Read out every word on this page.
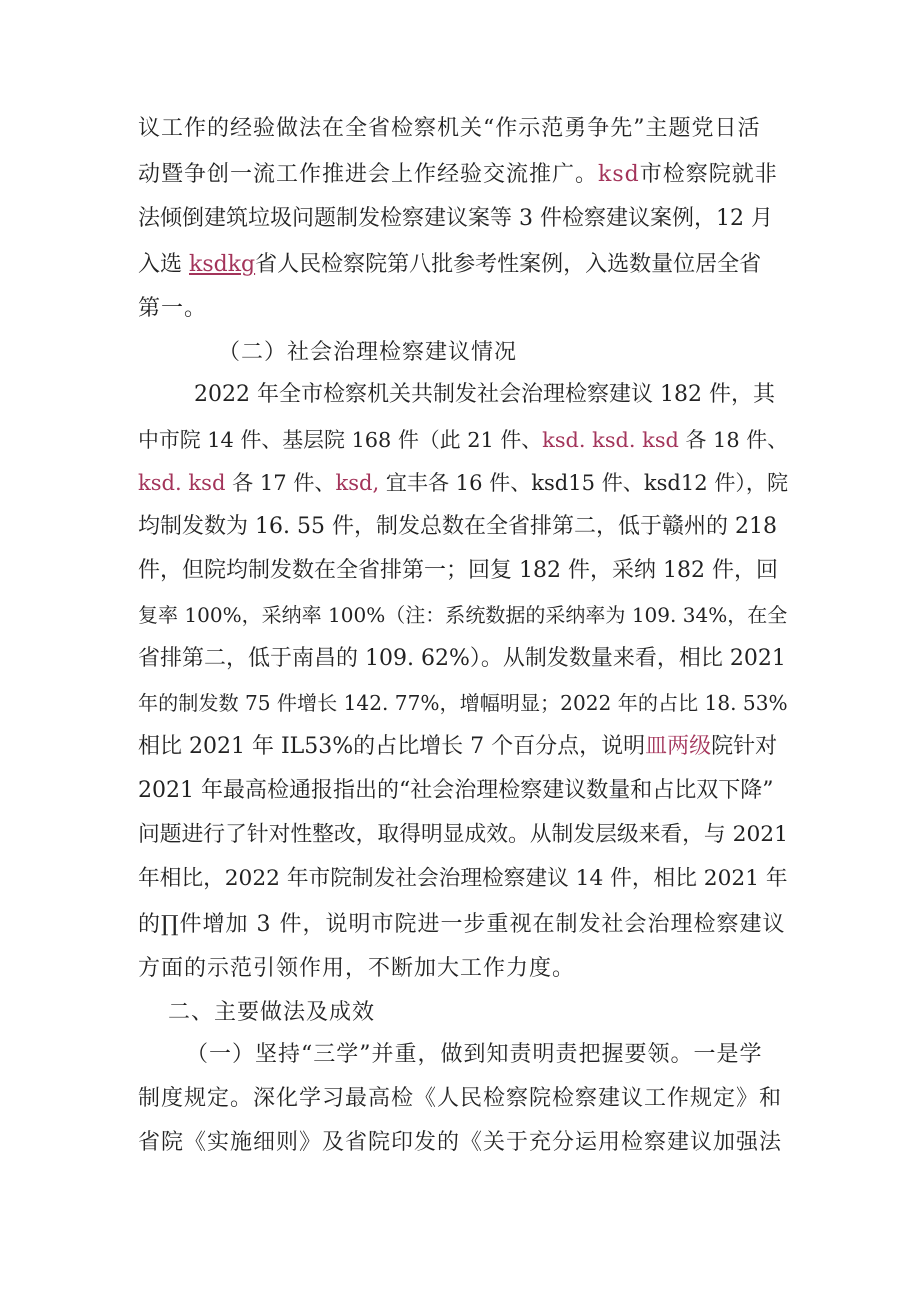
议工作的经验做法在全省检察机关“作示范勇争先”主题党日活
动暨争创一流工作推进会上作经验交流推广。ksd市检察院就非
法倾倒建筑垃圾问题制发检察建议案等 3 件检察建议案例，12 月
入选 ksdkg省人民检察院第八批参考性案例，入选数量位居全省
第一。
（二）社会治理检察建议情况
2022 年全市检察机关共制发社会治理检察建议 182 件，其
中市院 14 件、基层院 168 件（此 21 件、ksd. ksd. ksd 各 18 件、
ksd. ksd 各 17 件、ksd, 宜丰各 16 件、ksd15 件、ksd12 件），院
均制发数为 16. 55 件，制发总数在全省排第二，低于赣州的 218
件，但院均制发数在全省排第一；回复 182 件，采纳 182 件，回
复率 100%，采纳率 100%（注：系统数据的采纳率为 109. 34%，在全
省排第二，低于南昌的 109. 62%）。从制发数量来看，相比 2021
年的制发数 75 件增长 142. 77%，增幅明显；2022 年的占比 18. 53%
相比 2021 年 IL53%的占比增长 7 个百分点，说明皿两级院针对
2021 年最高检通报指出的“社会治理检察建议数量和占比双下降”
问题进行了针对性整改，取得明显成效。从制发层级来看，与 2021
年相比，2022 年市院制发社会治理检察建议 14 件，相比 2021 年
的∏件增加 3 件，说明市院进一步重视在制发社会治理检察建议
方面的示范引领作用，不断加大工作力度。
二、主要做法及成效
（一）坚持“三学”并重，做到知责明责把握要领。一是学
制度规定。深化学习最高检《人民检察院检察建议工作规定》和
省院《实施细则》及省院印发的《关于充分运用检察建议加强法
